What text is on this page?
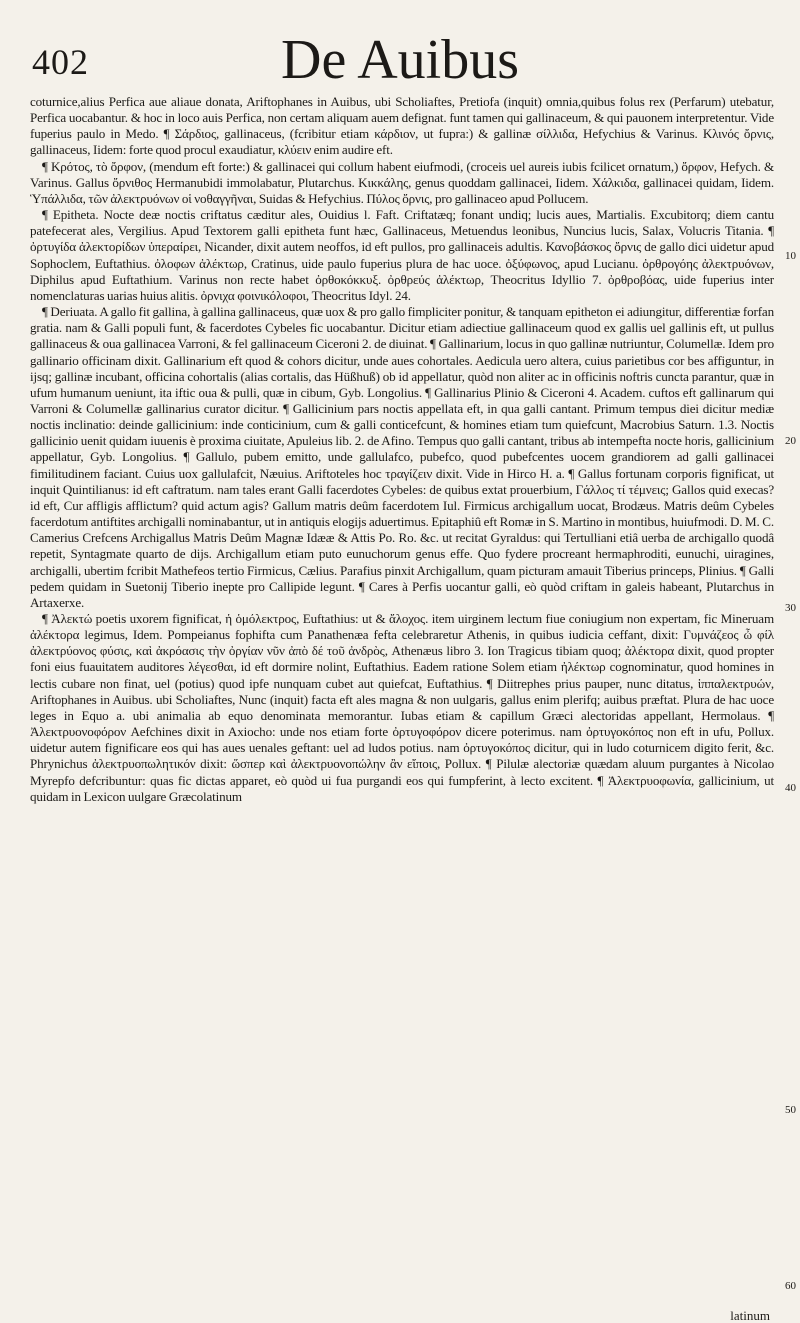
402	De Auibus

coturnice,alius Perfica aue aliaue donata, Ariftophanes in Auibus, ubi Scholiaftes, Pretiofa (inquit) omnia,quibus folus rex (Perfarum) utebatur, Perfica uocabantur. & hoc in loco auis Perfica, non certam aliquam auem defignat. funt tamen qui gallinaceum, & qui pauonem interpretentur. Vide fuperius paulo in Medo. ¶ Σάρδιος, gallinaceus, (fcribitur etiam κάρδιον, ut fupra:) & gallinæ σίλλιδα, Hefychius & Varinus. Κλινός ὄρνις, gallinaceus, Iidem: forte quod procul exaudiatur, κλύειν enim audire eft.

¶ Κρότος, τὸ ὄρφον, (mendum eft forte:) & gallinacei qui collum habent eiufmodi, (croceis uel aureis iubis fcilicet ornatum,) ὄρφον, Hefych. & Varinus. Gallus ὄρνιθος Hermanubidi immolabatur, Plutarchus. Κικκάλης, genus quoddam gallinacei, Iidem. Χάλκιδα, gallinacei quidam, Iidem. Ὑπάλλιδα, τῶν ἀλεκτρυόνων οἱ νοθαγγῆναι, Suidas & Hefychius. Πύλος ὄρνις, pro gallinaceo apud Pollucem.

¶ Epitheta. Nocte deæ noctis criftatus cæditur ales, Ouidius l. Faft. Criftatæq; fonant undiq; lucis aues, Martialis. Excubitorq; diem cantu patefecerat ales, Vergilius. Apud Textorem galli epitheta funt hæc, Gallinaceus, Metuendus leonibus, Nuncius lucis, Salax, Volucris Titania. ¶ ὀρτυγίδα ἀλεκτορίδων ὑπεραίρει, Nicander, dixit autem neoffos, id eft pullos, pro gallinaceis adultis. Κανοβάσκος ὄρνις de gallo dici uidetur apud Sophoclem, Euftathius. ὀλοφων ἀλέκτωρ, Cratinus, uide paulo fuperius plura de hac uoce. ὀξύφωνος, apud Lucianu. ὀρθρογόης ἀλεκτρυόνων, Diphilus apud Euftathium. Varinus non recte habet ὀρθοκόκκυξ. ὀρθρεύς ἀλέκτωρ, Theocritus Idyllio 7. ὀρθροβόας, uide fuperius inter nomenclaturas uarias huius alitis. ὀρνιχα φοινικόλοφοι, Theocritus Idyl. 24.

¶ Deriuata. A gallo fit gallina, à gallina gallinaceus, quæ uox & pro gallo fimpliciter ponitur, & tanquam epitheton ei adiungitur, differentiæ forfan gratia. nam & Galli populi funt, & facerdotes Cybeles fic uocabantur. Dicitur etiam adiectiue gallinaceum quod ex gallis uel gallinis eft, ut pullus gallinaceus & oua gallinacea Varroni, & fel gallinaceum Ciceroni 2. de diuinat. ¶ Gallinarium, locus in quo gallinæ nutriuntur, Columellæ. Idem pro gallinario officinam dixit. Gallinarium eft quod & cohors dicitur, unde aues cohortales. Aedicula uero altera, cuius parietibus cor bes affiguntur, in ijsq; gallinæ incubant, officina cohortalis (alias cortalis, das Hüßhuß) ob id appellatur, quòd non aliter ac in officinis noftris cuncta parantur, quæ in ufum humanum ueniunt, ita iftic oua & pulli, quæ in cibum, Gyb. Longolius. ¶ Gallinarius Plinio & Ciceroni 4. Academ. cuftos eft gallinarum qui Varroni & Columellæ gallinarius curator dicitur. ¶ Gallicinium pars noctis appellata eft, in qua galli cantant. Primum tempus diei dicitur mediæ noctis inclinatio: deinde gallicinium: inde conticinium, cum & galli conticefcunt, & homines etiam tum quiefcunt, Macrobius Saturn. 1.3. Noctis gallicinio uenit quidam iuuenis è proxima ciuitate, Apuleius lib. 2. de Afino. Tempus quo galli cantant, tribus ab intempefta nocte horis, gallicinium appellatur, Gyb. Longolius. ¶ Gallulo, pubem emitto, unde gallulafco, pubefco, quod pubefcentes uocem grandiorem ad galli gallinacei fimilitudinem faciant. Cuius uox gallulafcit, Næuius. Ariftoteles hoc τραγίζειν dixit. Vide in Hirco H. a. ¶ Gallus fortunam corporis fignificat, ut inquit Quintilianus: id eft caftratum. nam tales erant Galli facerdotes Cybeles: de quibus extat prouerbium, Γάλλος τί τέμνεις; Gallos quid execas? id eft, Cur affligis afflictum? quid actum agis? Gallum matris deûm facerdotem Iul. Firmicus archigallum uocat, Brodæus. Matris deûm Cybeles facerdotum antiftites archigalli nominabantur, ut in antiquis elogijs aduertimus. Epitaphiû eft Romæ in S. Martino in montibus, huiufmodi. D. M. C. Camerius Crefcens Archigallus Matris Deûm Magnæ Idææ & Attis Po. Ro. &c. ut recitat Gyraldus: qui Tertulliani etiâ uerba de archigallo quodâ repetit, Syntagmate quarto de dijs. Archigallum etiam puto eunuchorum genus effe. Quo fydere procreant hermaphroditi, eunuchi, uiragines, archigalli, ubertim fcribit Mathefeos tertio Firmicus, Cælius. Parafius pinxit Archigallum, quam picturam amauit Tiberius princeps, Plinius. ¶ Galli pedem quidam in Suetonij Tiberio inepte pro Callipide legunt. ¶ Cares à Perfis uocantur galli, eò quòd criftam in galeis habeant, Plutarchus in Artaxerxe.

¶ Ἀλεκτώ poetis uxorem fignificat, ἡ ὁμόλεκτρος, Euftathius: ut & ἄλοχος. item uirginem lectum fiue coniugium non expertam, fic Mineruam ἀλέκτορα legimus, Idem. Pompeianus fophifta cum Panathenæa fefta celebraretur Athenis, in quibus iudicia ceffant, dixit: Γυμνάζεος ὦ φίλ ἀλεκτρύονος φύσις, καὶ ἀκρόασις τὴν ὀργίαν νῦν ἀπὸ δέ τοῦ ἀνδρὸς, Athenæus libro 3. Ion Tragicus tibiam quoq; ἀλέκτορα dixit, quod propter foni eius fuauitatem auditores λέγεσθαι, id eft dormire nolint, Euftathius. Eadem ratione Solem etiam ἠλέκτωρ cognominatur, quod homines in lectis cubare non finat, uel (potius) quod ipfe nunquam cubet aut quiefcat, Euftathius. ¶ Diitrephes prius pauper, nunc ditatus, ἱππαλεκτρυών, Ariftophanes in Auibus. ubi Scholiaftes, Nunc (inquit) facta eft ales magna & non uulgaris, gallus enim plerifq; auibus præftat. Plura de hac uoce leges in Equo a. ubi animalia ab equo denominata memorantur. Iubas etiam & capillum Græci alectoridas appellant, Hermolaus. ¶ Ἀλεκτρυονοφόρον Aefchines dixit in Axiocho: unde nos etiam forte ὀρτυγοφόρον dicere poterimus. nam ὀρτυγοκόπος non eft in ufu, Pollux. uidetur autem fignificare eos qui has aues uenales geftant: uel ad ludos potius. nam ὀρτυγοκόπος dicitur, qui in ludo coturnicem digito ferit, &c. Phrynichus ἀλεκτρυοπωλητικόν dixit: ὥσπερ καὶ ἀλεκτρυονοπώλην ἂν εἴποις, Pollux. ¶ Pilulæ alectoriæ quædam aluum purgantes à Nicolao Myrepfo defcribuntur: quas fic dictas apparet, eò quòd ui fua purgandi eos qui fumpferint, à lecto excitent. ¶ Ἀλεκτρυοφωνία, gallicinium, ut quidam in Lexicon uulgare Græcolatinum

10
20
30
40
50
60
latinum
